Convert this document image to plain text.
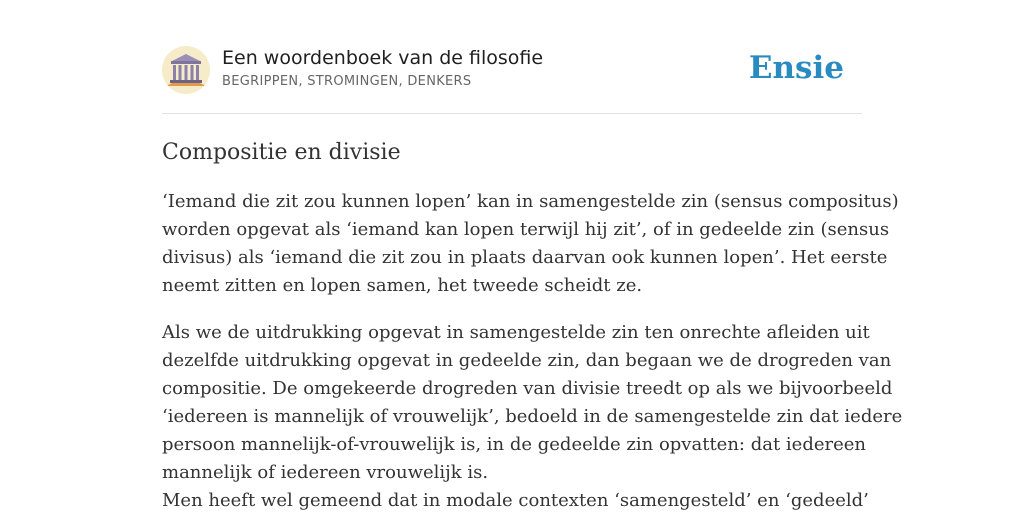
Een woordenboek van de filosofie
BEGRIPPEN, STROMINGEN, DENKERS	Ensie
Compositie en divisie
‘Iemand die zit zou kunnen lopen’ kan in samengestelde zin (sensus compositus)
worden opgevat als ‘iemand kan lopen terwijl hij zit’, of in gedeelde zin (sensus
divisus) als ‘iemand die zit zou in plaats daarvan ook kunnen lopen’. Het eerste
neemt zitten en lopen samen, het tweede scheidt ze.
Als we de uitdrukking opgevat in samengestelde zin ten onrechte afleiden uit
dezelfde uitdrukking opgevat in gedeelde zin, dan begaan we de drogreden van
compositie. De omgekeerde drogreden van divisie treedt op als we bijvoorbeeld
‘iedereen is mannelijk of vrouwelijk’, bedoeld in de samengestelde zin dat iedere
persoon mannelijk-of-vrouwelijk is, in de gedeelde zin opvatten: dat iedereen
mannelijk of iedereen vrouwelijk is.
Men heeft wel gemeend dat in modale contexten ‘samengesteld’ en ‘gedeeld’
